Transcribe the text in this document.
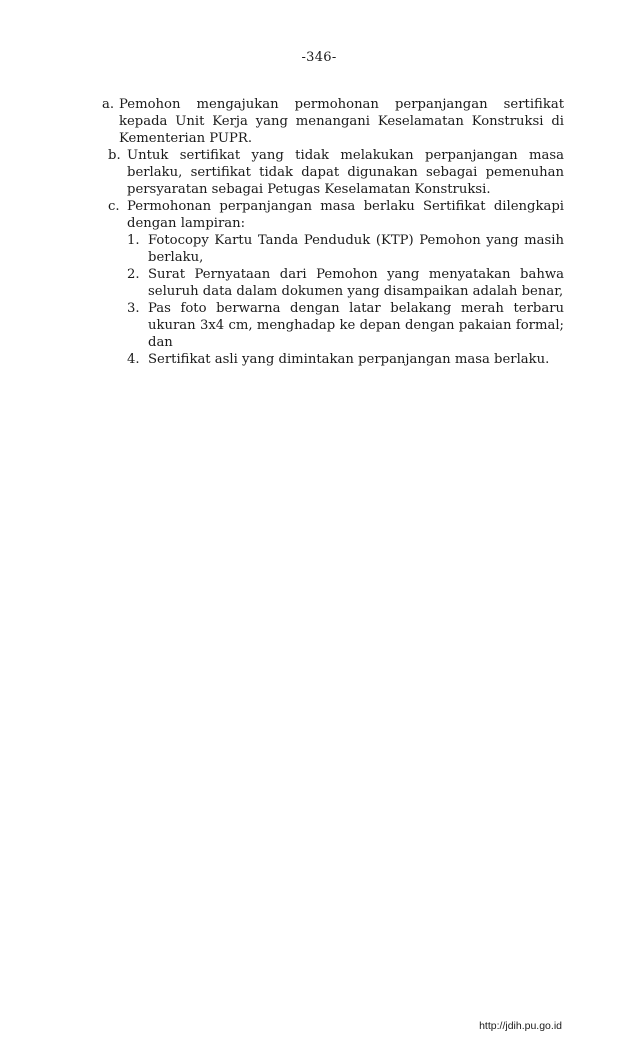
-346-
a. Pemohon mengajukan permohonan perpanjangan sertifikat kepada Unit Kerja yang menangani Keselamatan Konstruksi di Kementerian PUPR.
b. Untuk sertifikat yang tidak melakukan perpanjangan masa berlaku, sertifikat tidak dapat digunakan sebagai pemenuhan persyaratan sebagai Petugas Keselamatan Konstruksi.
c. Permohonan perpanjangan masa berlaku Sertifikat dilengkapi dengan lampiran:
1. Fotocopy Kartu Tanda Penduduk (KTP) Pemohon yang masih berlaku,
2. Surat Pernyataan dari Pemohon yang menyatakan bahwa seluruh data dalam dokumen yang disampaikan adalah benar,
3. Pas foto berwarna dengan latar belakang merah terbaru ukuran 3x4 cm, menghadap ke depan dengan pakaian formal; dan
4. Sertifikat asli yang dimintakan perpanjangan masa berlaku.
http://jdih.pu.go.id
